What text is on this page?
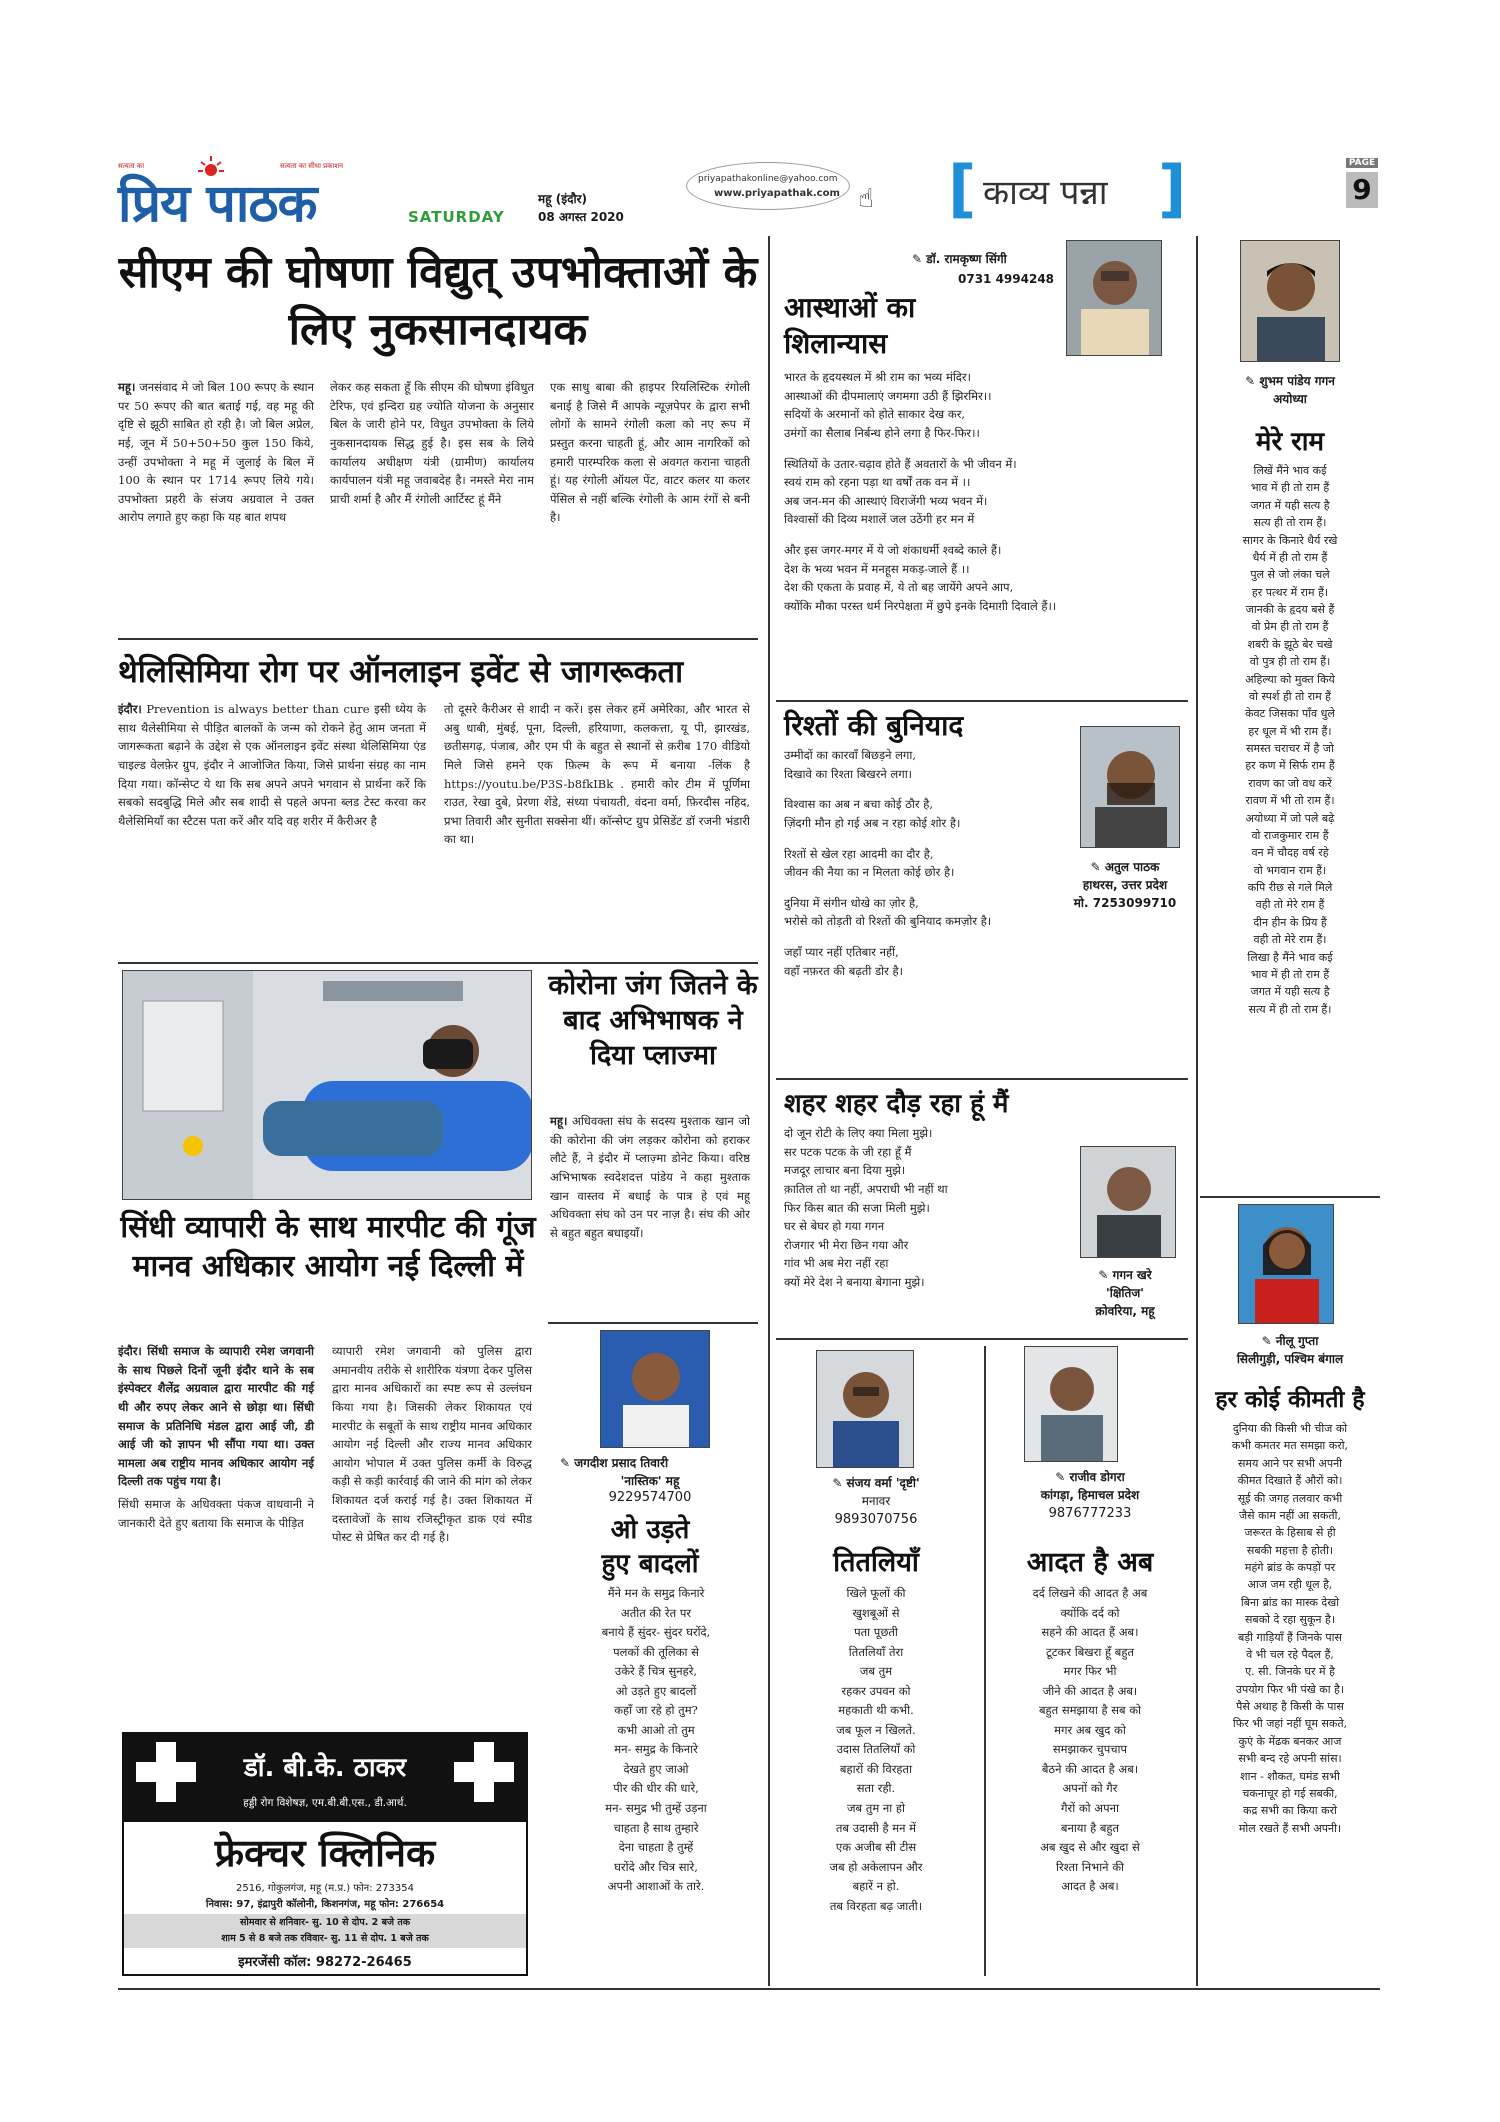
सत्यता का	सत्यता का सीधा प्रकाशन
प्रिय पाठक	SATURDAY
महू (इंदौर)
08 अगस्त 2020
priyapathakonline@yahoo.com
www.priyapathak.com ☝ [ काव्य पन्ना ]	PAGE
9
सीएम की घोषणा विद्युत् उपभोक्ताओं के लिए नुकसानदायक
महू। जनसंवाद मे जो बिल 100 रूपए के स्थान पर 50 रूपए की बात बताई गई, वह महू की दृष्टि से झूठी साबित हो रही है। जो बिल अप्रेल, मई, जून में 50+50+50 कुल 150 किये, उन्हीं उपभोक्ता ने महू में जुलाई के बिल में 100 के स्थान पर 1714 रूपए लिये गये। उपभोक्ता प्रहरी के संजय अग्रवाल ने उक्त आरोप लगाते हुए कहा कि यह बात शपथ
लेकर कह सकता हूँ कि सीएम की घोषणा इंविधुत टेरिफ, एवं इन्दिरा ग्रह ज्योति योजना के अनुसार बिल के जारी होने पर, विधुत उपभोक्ता के लिये नुकसानदायक सिद्ध हुई है। इस सब के लिये कार्यालय अधीक्षण यंत्री (ग्रामीण) कार्यालय कार्यपालन यंत्री महू जवाबदेह है। नमस्ते मेरा नाम प्राची शर्मा है और मैं रंगोली आर्टिस्ट हूं मैंने
एक साधु बाबा की हाइपर रियलिस्टिक रंगोली बनाई है जिसे मैं आपके न्यूज़पेपर के द्वारा सभी लोगों के सामने रंगोली कला को नए रूप में प्रस्तुत करना चाहती हूं, और आम नागरिकों को हमारी पारम्परिक कला से अवगत कराना चाहती हूं। यह रंगोली ऑयल पेंट, वाटर कलर या कलर पेंसिल से नहीं बल्कि रंगोली के आम रंगों से बनी है।
थेलिसिमिया रोग पर ऑनलाइन इवेंट से जागरूकता
इंदौर। Prevention is always better than cure इसी ध्येय के साथ थैलेसीमिया से पीड़ित बालकों के जन्म को रोकने हेतु आम जनता में जागरूकता बढ़ाने के उद्देश से एक ऑनलाइन इवेंट संस्था थेलिसिमिया एंड चाइल्ड वेलफ़ेर ग्रुप, इंदौर ने आजोजित किया, जिसे प्रार्थना संग्रह का नाम दिया गया। कॉन्सेप्ट ये था कि सब अपने अपने भगवान से प्रार्थना करें कि सबको सदबुद्धि मिले और सब शादी से पहले अपना ब्लड टेस्ट करवा कर थैलेसिमियाँ का स्टैटस पता करें और यदि वह शरीर में कैरीअर है
तो दूसरे कैरीअर से शादी न करें। इस लेकर हमें अमेरिका, और भारत से अबु धाबी, मुंबई, पूना, दिल्ली, हरियाणा, कलकत्ता, यू पी, झारखंड, छतीसगढ़, पंजाब, और एम पी के बहुत से स्थानों से क़रीब 170 वीडियो मिले जिसे हमने एक फ़िल्म के रूप में बनाया -लिंक है https://youtu.be/P3S-b8fkIBk . हमारी कोर टीम में पूर्णिमा राउत, रेखा दुबे, प्रेरणा शेंडे, संध्या पंचायती, वंदना वर्मा, फ़िरदौस नहिद, प्रभा तिवारी और सुनीता सक्सेना थीं। कॉन्सेप्ट ग्रुप प्रेसिडेंट डॉ रजनी भंडारी का था।
कोरोना जंग जितने के बाद अभिभाषक ने दिया प्लाज्मा
महू। अधिवक्ता संघ के सदस्य मुश्ताक खान जो की कोरोना की जंग लड़कर कोरोना को हराकर लौटे हैं, ने इंदौर में प्लाज़्मा डोनेट किया। वरिष्ठ अभिभाषक स्वदेशदत्त पांडेय ने कहा मुश्ताक खान वास्तव में बधाई के पात्र हे एवं महू अधिवक्ता संघ को उन पर नाज़ है। संघ की ओर से बहुत बहुत बधाइयाँ।
सिंधी व्यापारी के साथ मारपीट की गूंज मानव अधिकार आयोग नई दिल्ली में
इंदौर। सिंधी समाज के व्यापारी रमेश जगवानी के साथ पिछले दिनों जूनी इंदौर थाने के सब इंस्पेक्टर शैलेंद्र अग्रवाल द्वारा मारपीट की गई थी और रुपए लेकर आने से छोड़ा था। सिंधी समाज के प्रतिनिधि मंडल द्वारा आई जी, डी आई जी को ज्ञापन भी सौंपा गया था। उक्त मामला अब राष्ट्रीय मानव अधिकार आयोग नई दिल्ली तक पहुंच गया है।
सिंधी समाज के अधिवक्ता पंकज वाधवानी ने जानकारी देते हुए बताया कि समाज के पीड़ित
व्यापारी रमेश जगवानी को पुलिस द्वारा अमानवीय तरीके से शारीरिक यंत्रणा देकर पुलिस द्वारा मानव अधिकारों का स्पष्ट रूप से उल्लंघन किया गया है। जिसकी लेकर शिकायत एवं मारपीट के सबूतों के साथ राष्ट्रीय मानव अधिकार आयोग नई दिल्ली और राज्य मानव अधिकार आयोग भोपाल में उक्त पुलिस कर्मी के विरुद्ध कड़ी से कड़ी कार्रवाई की जाने की मांग को लेकर शिकायत दर्ज कराई गई है। उक्त शिकायत में दस्तावेजों के साथ रजिस्ट्रीकृत डाक एवं स्पीड पोस्ट से प्रेषित कर दी गई है।
डॉ. बी.के. ठाकर
हड्डी रोग विशेषज्ञ, एम.बी.बी.एस., डी.आर्थ.
फ्रेक्चर क्लिनिक
2516, गोकुलगंज, महू (म.प्र.) फोन: 273354
निवास: 97, इंद्रापुरी कॉलोनी, किशनगंज, महू फोन: 276654
सोमवार से शनिवार- सु. 10 से दोप. 2 बजे तक
शाम 5 से 8 बजे तक रविवार- सु. 11 से दोप. 1 बजे तक
इमरजेंसी कॉल: 98272-26465
✎ जगदीश प्रसाद तिवारी
'नास्तिक' महू
9229574700
ओ उड़ते
हुए बादलों
मैंने मन के समुद्र किनारे
अतीत की रेत पर
बनाये हैं सुंदर- सुंदर घरोंदे,
पलकों की तूलिका से
उकेरे हैं चित्र सुनहरे,
ओ उड़ते हुए बादलों
कहाँ जा रहे हो तुम?
कभी आओ तो तुम
मन- समुद्र के किनारे
देखते हुए जाओ
पीर की धीर की धारे,
मन- समुद्र भी तुम्हें उड़ना
चाहता है साथ तुम्हारे
देना चाहता है तुम्हें
घरोंदे और चित्र सारे,
अपनी आशाओं के तारे.
✎ डॉ. रामकृष्ण सिंगी
0731 4994248
आस्थाओं का
शिलान्यास
भारत के हृदयस्थल में श्री राम का भव्य मंदिर।
आस्थाओं की दीपमालाएं जगमगा उठी हैं झिरमिर।।
सदियों के अरमानों को होते साकार देख कर,
उमंगों का सैलाब निर्बन्ध होने लगा है फिर-फिर।।
स्थितियों के उतार-चढ़ाव होते हैं अवतारों के भी जीवन में।
स्वयं राम को रहना पड़ा था वर्षों तक वन में ।।
अब जन-मन की आस्थाएं विराजेंगी भव्य भवन में।
विश्वासों की दिव्य मशालें जल उठेंगी हर मन में
और इस जगर-मगर में ये जो शंकाधर्मी श्वब्दे काले हैं।
देश के भव्य भवन में मनहूस मकड़-जाले हैं ।।
देश की एकता के प्रवाह में, ये तो बह जायेंगे अपने आप,
क्योंकि मौका परस्त धर्म निरपेक्षता में छुपे इनके दिमाग़ी दिवाले हैं।।
रिश्तों की बुनियाद
उम्मीदों का कारवाँ बिछड़ने लगा,
दिखावे का रिश्ता बिखरने लगा।
विश्वास का अब न बचा कोई ठौर है,
ज़िंदगी मौन हो गई अब न रहा कोई शोर है।
रिश्तों से खेल रहा आदमी का दौर है,
जीवन की नैया का न मिलता कोई छोर है।
दुनिया में संगीन धोखे का ज़ोर है,
भरोसे को तोड़ती वो रिश्तों की बुनियाद कमज़ोर है।
जहाँ प्यार नहीं एतिबार नहीं,
वहाँ नफ़रत की बढ़ती डोर है।
✎ अतुल पाठक
हाथरस, उत्तर प्रदेश
मो. 7253099710
शहर शहर दौड़ रहा हूं मैं
दो जून रोटी के लिए क्या मिला मुझे।
सर पटक पटक के जी रहा हूँ मैं
मजदूर लाचार बना दिया मुझे।
क़ातिल तो था नहीं, अपराधी भी नहीं था
फिर किस बात की सजा मिली मुझे।
घर से बेघर हो गया गगन
रोजगार भी मेरा छिन गया और
गांव भी अब मेरा नहीं रहा
क्यों मेरे देश ने बनाया बेगाना मुझे।	✎ गगन खरे
'क्षितिज'
क्रोवरिया, महू
✎ संजय वर्मा 'दृष्टी'
मनावर
9893070756
तितलियाँ
खिले फूलों की
खुशबूओं से
पता पूछती
तितलियाँ तेरा
जब तुम
रहकर उपवन को
महकाती थी कभी.
जब फूल न खिलते.
उदास तितलियाँ को
बहारों की विरहता
सता रही.
जब तुम ना हो
तब उदासी है मन में
एक अजीब सी टीस
जब हो अकेलापन और
बहारें न हो.
तब विरहता बढ़ जाती।
✎ राजीव डोगरा
कांगड़ा, हिमाचल प्रदेश
9876777233
आदत है अब
दर्द लिखने की आदत है अब
क्योंकि दर्द को
सहने की आदत हैं अब।
टूटकर बिखरा हूँ बहुत
मगर फिर भी
जीने की आदत है अब।
बहुत समझाया है सब को
मगर अब खुद को
समझाकर चुपचाप
बैठने की आदत है अब।
अपनों को गैर
गैरों को अपना
बनाया है बहुत
अब खुद से और खुदा से
रिश्ता निभाने की
आदत है अब।
✎ शुभम पांडेय गगन
अयोध्या
मेरे राम
लिखें मैंने भाव कई
भाव में ही तो राम हैं
जगत में यही सत्य है
सत्य ही तो राम हैं।
सागर के किनारे धैर्य रखे
धैर्य में ही तो राम हैं
पुल से जो लंका चले
हर पत्थर में राम हैं।
जानकी के हृदय बसे हैं
वो प्रेम ही तो राम हैं
शबरी के झूठे बेर चखे
वो पुत्र ही तो राम हैं।
अहिल्या को मुक्त किये
वो स्पर्श ही तो राम हैं
केवट जिसका पाँव धुले
हर धूल में भी राम हैं।
समस्त चराचर में है जो
हर कण में सिर्फ राम हैं
रावण का जो वध करें
रावण में भी तो राम हैं।
अयोध्या में जो पले बढ़े
वो राजकुमार राम हैं
वन में चौदह वर्ष रहे
वो भगवान राम हैं।
कपि रीछ से गले मिले
वही तो मेरे राम हैं
दीन हीन के प्रिय हैं
वही तो मेरे राम हैं।
लिखा है मैंने भाव कई
भाव में ही तो राम हैं
जगत में यही सत्य है
सत्य में ही तो राम हैं।
✎ नीलू गुप्ता
सिलीगुड़ी, पश्चिम बंगाल
हर कोई कीमती है
दुनिया की किसी भी चीज को
कभी कमतर मत समझा करो,
समय आने पर सभी अपनी
कीमत दिखाते हैं औरों को।
सूई की जगह तलवार कभी
जैसे काम नहीं आ सकती,
जरूरत के हिसाब से ही
सबकी महत्ता है होती।
महंगे ब्रांड के कपड़ों पर
आज जम रही धूल है,
बिना ब्रांड का मास्क देखो
सबको दे रहा सुकून है।
बड़ी गाड़ियाँ हैं जिनके पास
वे भी चल रहे पैदल हैं,
ए. सी. जिनके घर में है
उपयोग फिर भी पंखे का है।
पैसे अथाह है किसी के पास
फिर भी जहां नहीं घूम सकते,
कुएं के मेंढक बनकर आज
सभी बन्द रहे अपनी सांस।
शान - शौकत, घमंड सभी
चकनाचूर हो गई सबकी,
कद्र सभी का किया करो
मोल रखते हैं सभी अपनी।
